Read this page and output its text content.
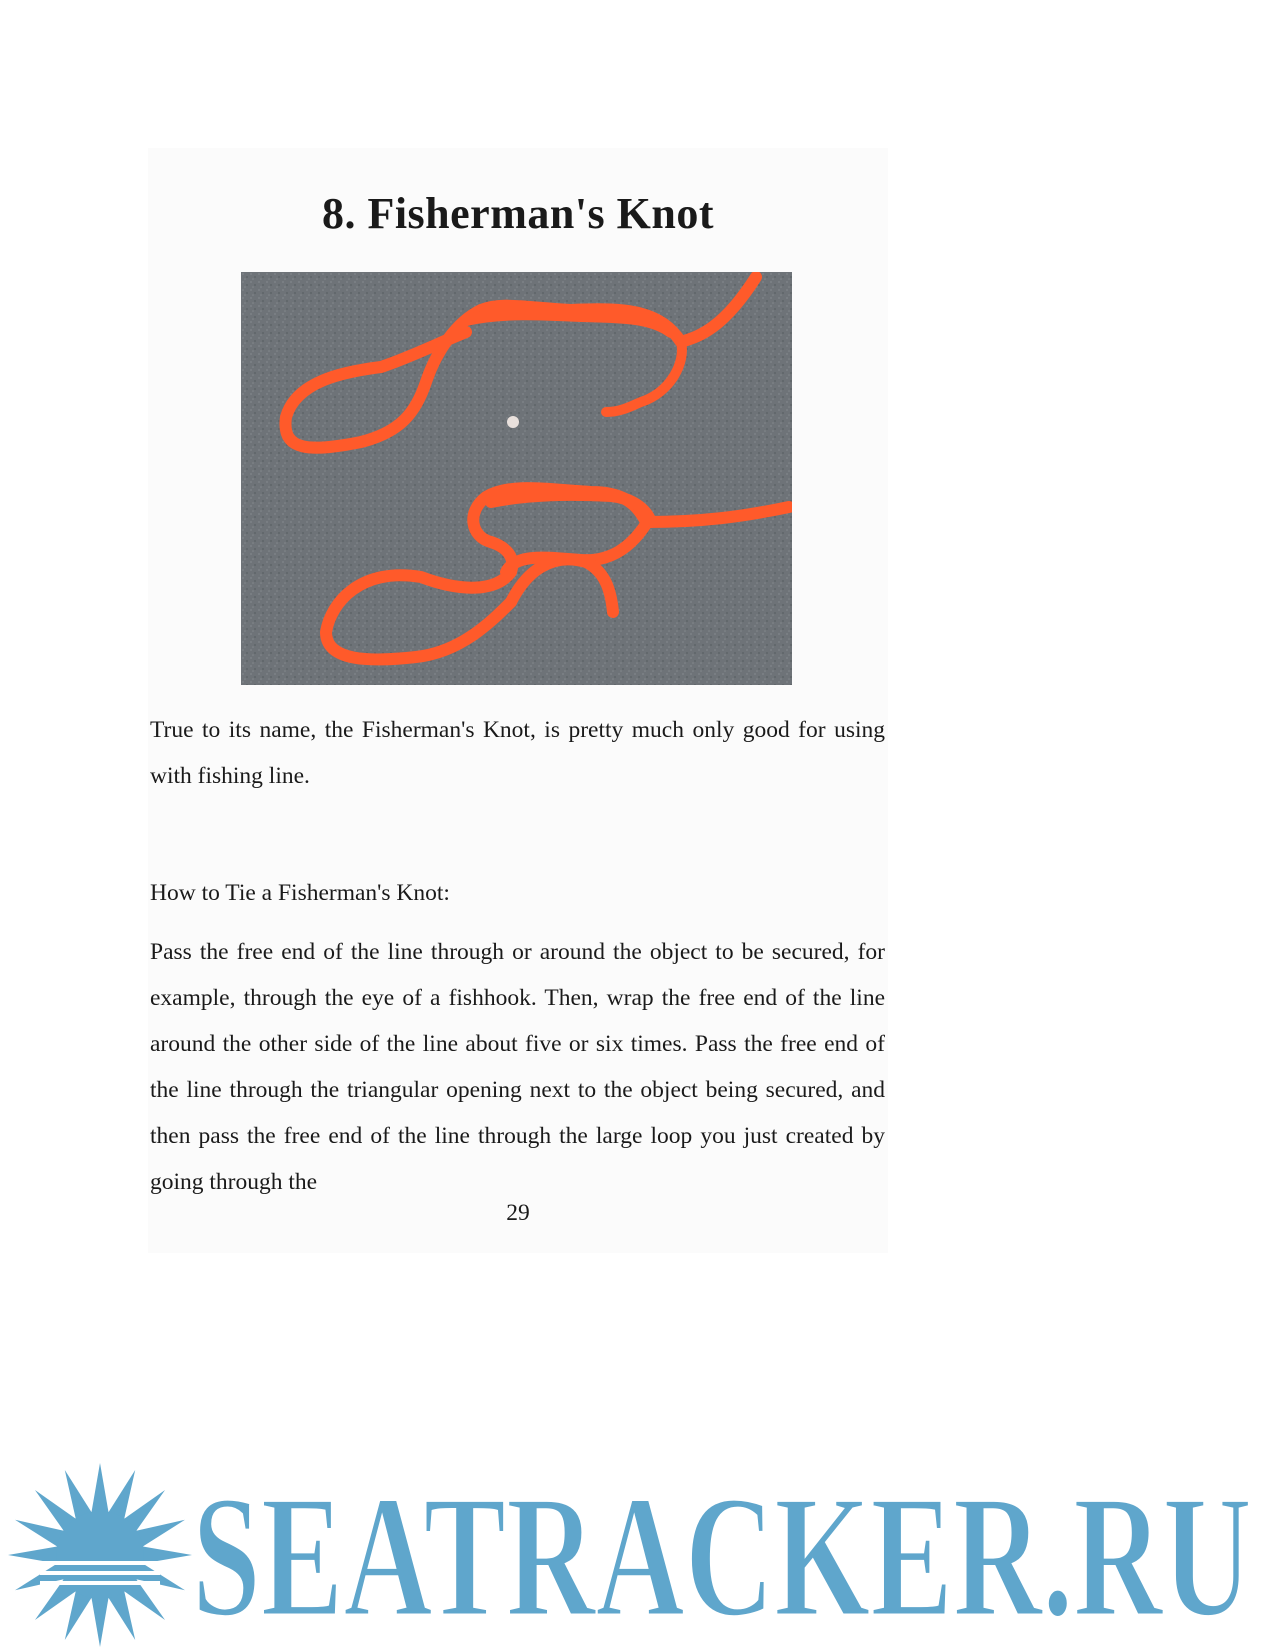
8. Fisherman's Knot

True to its name, the Fisherman's Knot, is pretty much only good for using with fishing line.

How to Tie a Fisherman's Knot:

Pass the free end of the line through or around the object to be secured, for example, through the eye of a fishhook. Then, wrap the free end of the line around the other side of the line about five or six times. Pass the free end of the line through the triangular opening next to the object being secured, and then pass the free end of the line through the large loop you just created by going through the

29
SEATRACKER.RU
